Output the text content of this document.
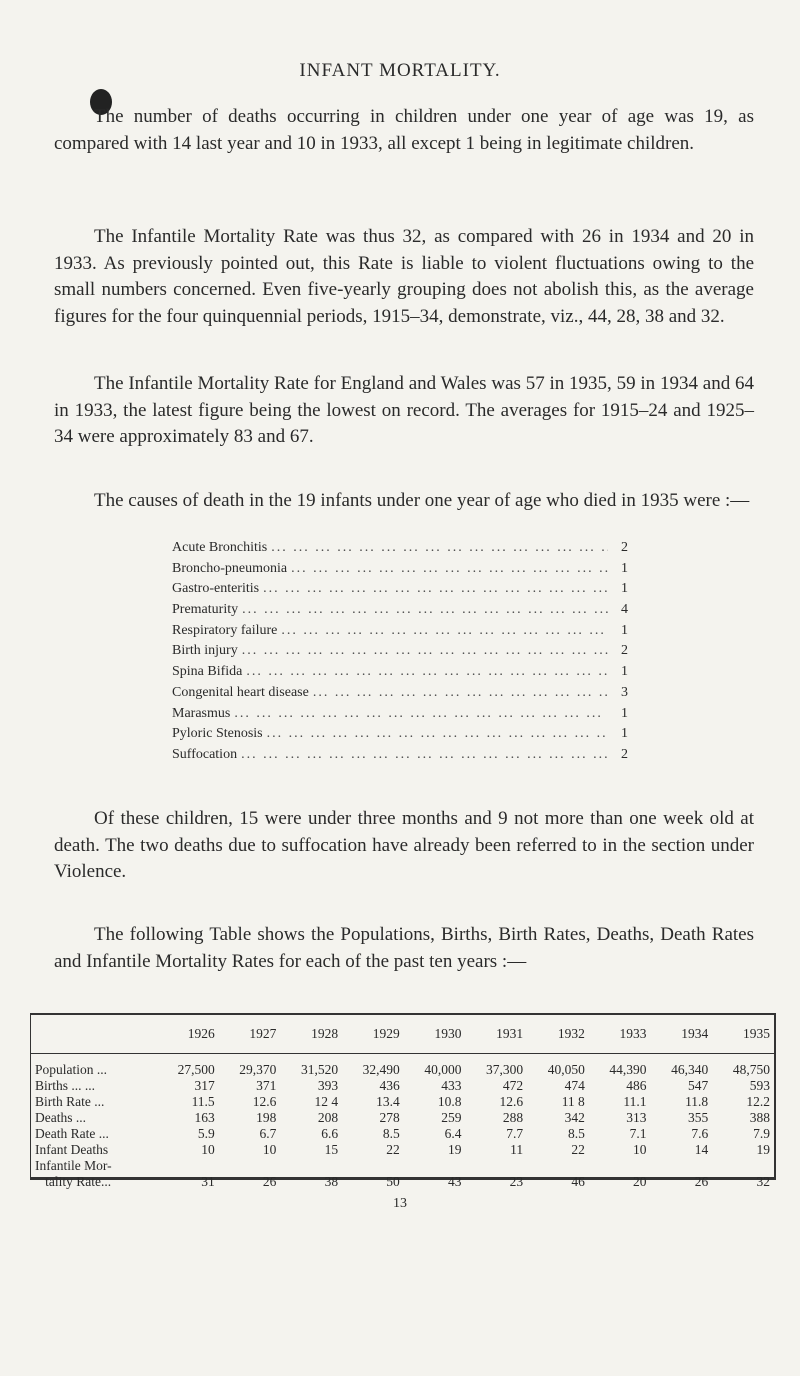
INFANT MORTALITY.

The number of deaths occurring in children under one year of age was 19, as compared with 14 last year and 10 in 1933, all except 1 being in legitimate children.

The Infantile Mortality Rate was thus 32, as compared with 26 in 1934 and 20 in 1933. As previously pointed out, this Rate is liable to violent fluctuations owing to the small numbers concerned. Even five-yearly grouping does not abolish this, as the average figures for the four quinquennial periods, 1915–34, demonstrate, viz., 44, 28, 38 and 32.

The Infantile Mortality Rate for England and Wales was 57 in 1935, 59 in 1934 and 64 in 1933, the latest figure being the lowest on record. The averages for 1915–24 and 1925–34 were approximately 83 and 67.

The causes of death in the 19 infants under one year of age who died in 1935 were :—

Acute Bronchitis ... .	2
Broncho-pneumonia ... .	1
Gastro-enteritis ... .	1
Prematurity ... .	4
Respiratory failure ... .	1
Birth injury ... .	2
Spina Bifida ... .	1
Congenital heart disease ... .	3
Marasmus ... .	1
Pyloric Stenosis ... .	1
Suffocation ... .	2

Of these children, 15 were under three months and 9 not more than one week old at death. The two deaths due to suffocation have already been referred to in the section under Violence.

The following Table shows the Populations, Births, Birth Rates, Deaths, Death Rates and Infantile Mortality Rates for each of the past ten years :—

	1926	1927	1928	1929	1930	1931	1932	1933	1934	1935
Population ...	27,500	29,370	31,520	32,490	40,000	37,300	40,050	44,390	46,340	48,750
Births ... ...	317	371	393	436	433	472	474	486	547	593
Birth Rate ...	11.5	12.6	12 4	13.4	10.8	12.6	11 8	11.1	11.8	12.2
Deaths ...	163	198	208	278	259	288	342	313	355	388
Death Rate ...	5.9	6.7	6.6	8.5	6.4	7.7	8.5	7.1	7.6	7.9
Infant Deaths	10	10	15	22	19	11	22	10	14	19
Infantile Mor-										
tality Rate...	31	26	38	50	43	23	46	20	26	32
13
